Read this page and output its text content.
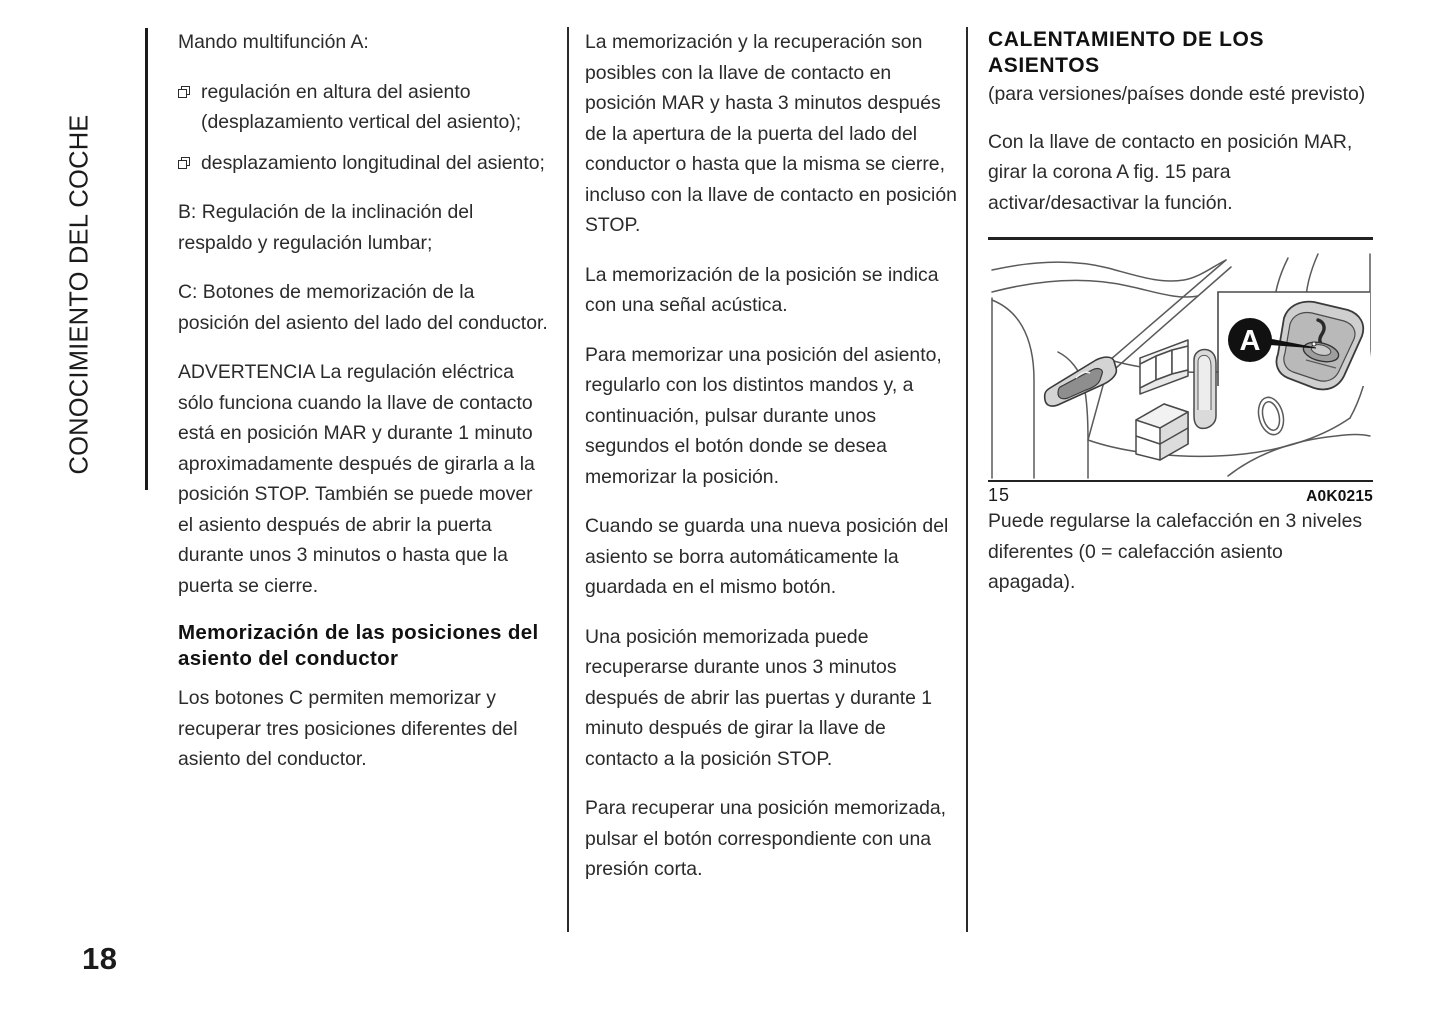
CONOCIMIENTO DEL COCHE

Mando multifunción A:

regulación en altura del asiento (desplazamiento vertical del asiento);
desplazamiento longitudinal del asiento;

B: Regulación de la inclinación del respaldo y regulación lumbar;

C: Botones de memorización de la posición del asiento del lado del conductor.

ADVERTENCIA La regulación eléctrica sólo funciona cuando la llave de contacto está en posición MAR y durante 1 minuto aproximadamente después de girarla a la posición STOP. También se puede mover el asiento después de abrir la puerta durante unos 3 minutos o hasta que la puerta se cierre.

Memorización de las posiciones del asiento del conductor

Los botones C permiten memorizar y recuperar tres posiciones diferentes del asiento del conductor.

La memorización y la recuperación son posibles con la llave de contacto en posición MAR y hasta 3 minutos después de la apertura de la puerta del lado del conductor o hasta que la misma se cierre, incluso con la llave de contacto en posición STOP.

La memorización de la posición se indica con una señal acústica.

Para memorizar una posición del asiento, regularlo con los distintos mandos y, a continuación, pulsar durante unos segundos el botón donde se desea memorizar la posición.

Cuando se guarda una nueva posición del asiento se borra automáticamente la guardada en el mismo botón.

Una posición memorizada puede recuperarse durante unos 3 minutos después de abrir las puertas y durante 1 minuto después de girar la llave de contacto a la posición STOP.

Para recuperar una posición memorizada, pulsar el botón correspondiente con una presión corta.

CALENTAMIENTO DE LOS ASIENTOS

(para versiones/países donde esté previsto)

Con la llave de contacto en posición MAR, girar la corona A fig. 15 para activar/desactivar la función.

A
15	A0K0215

Puede regularse la calefacción en 3 niveles diferentes (0 = calefacción asiento apagada).

18
